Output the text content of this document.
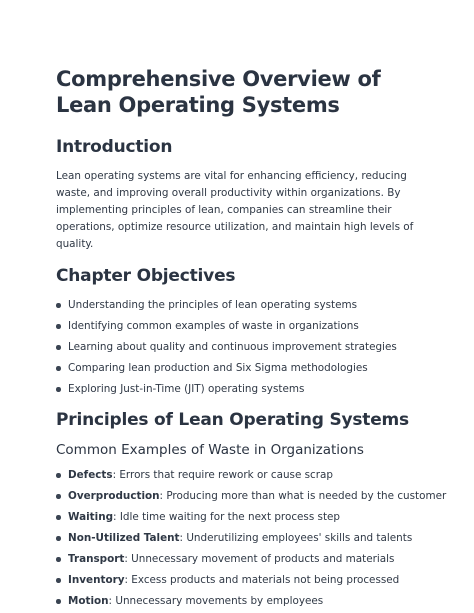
Comprehensive Overview of Lean Operating Systems
Introduction

Lean operating systems are vital for enhancing efficiency, reducing waste, and improving overall productivity within organizations. By implementing principles of lean, companies can streamline their operations, optimize resource utilization, and maintain high levels of quality.

Chapter Objectives
Understanding the principles of lean operating systems
Identifying common examples of waste in organizations
Learning about quality and continuous improvement strategies
Comparing lean production and Six Sigma methodologies
Exploring Just-in-Time (JIT) operating systems
Principles of Lean Operating Systems
Common Examples of Waste in Organizations
Defects: Errors that require rework or cause scrap
Overproduction: Producing more than what is needed by the customer
Waiting: Idle time waiting for the next process step
Non-Utilized Talent: Underutilizing employees' skills and talents
Transport: Unnecessary movement of products and materials
Inventory: Excess products and materials not being processed
Motion: Unnecessary movements by employees
